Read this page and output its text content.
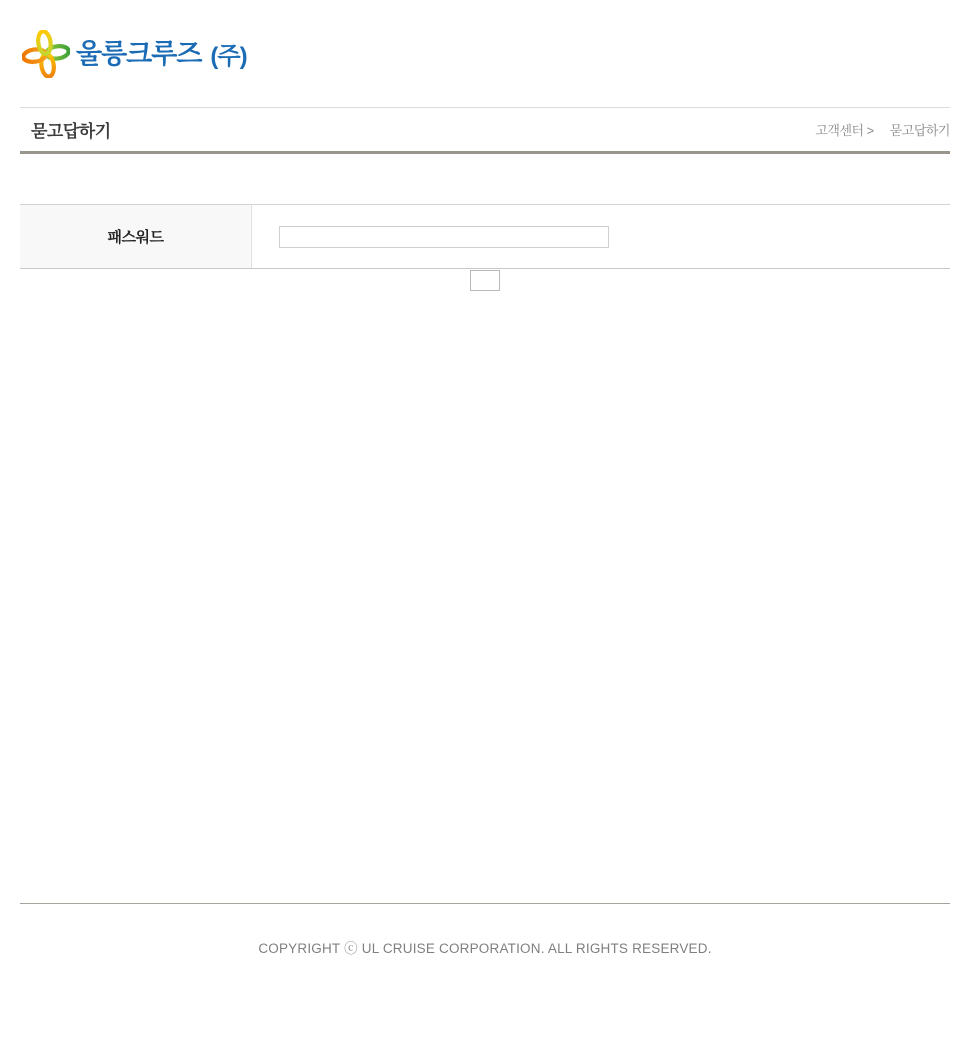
울릉크루즈 (주)
묻고답하기	고객센터 > 묻고답하기
패스워드

COPYRIGHT ⓒ UL CRUISE CORPORATION. ALL RIGHTS RESERVED.
